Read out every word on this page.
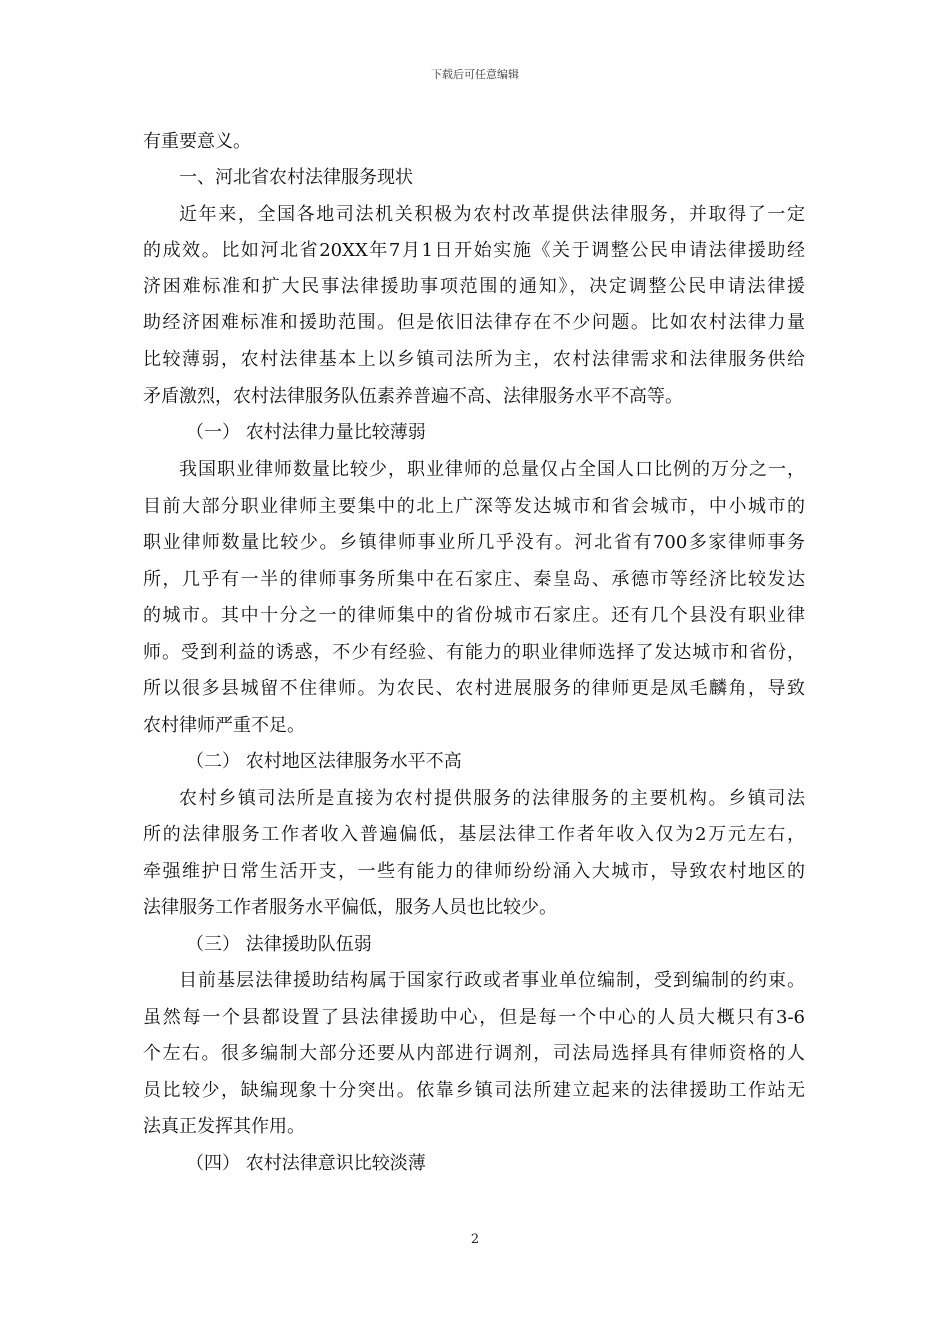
下载后可任意编辑
有重要意义。
一、河北省农村法律服务现状
近年来，全国各地司法机关积极为农村改革提供法律服务，并取得了一定
的成效。比如河北省20XX年7月1日开始实施《关于调整公民申请法律援助经
济困难标准和扩大民事法律援助事项范围的通知》，决定调整公民申请法律援
助经济困难标准和援助范围。但是依旧法律存在不少问题。比如农村法律力量
比较薄弱，农村法律基本上以乡镇司法所为主，农村法律需求和法律服务供给
矛盾激烈，农村法律服务队伍素养普遍不高、法律服务水平不高等。
（一） 农村法律力量比较薄弱
我国职业律师数量比较少，职业律师的总量仅占全国人口比例的万分之一，
目前大部分职业律师主要集中的北上广深等发达城市和省会城市，中小城市的
职业律师数量比较少。乡镇律师事业所几乎没有。河北省有700多家律师事务
所，几乎有一半的律师事务所集中在石家庄、秦皇岛、承德市等经济比较发达
的城市。其中十分之一的律师集中的省份城市石家庄。还有几个县没有职业律
师。受到利益的诱惑，不少有经验、有能力的职业律师选择了发达城市和省份，
所以很多县城留不住律师。为农民、农村进展服务的律师更是凤毛麟角，导致
农村律师严重不足。
（二） 农村地区法律服务水平不高
农村乡镇司法所是直接为农村提供服务的法律服务的主要机构。乡镇司法
所的法律服务工作者收入普遍偏低，基层法律工作者年收入仅为2万元左右，
牵强维护日常生活开支，一些有能力的律师纷纷涌入大城市，导致农村地区的
法律服务工作者服务水平偏低，服务人员也比较少。
（三） 法律援助队伍弱
目前基层法律援助结构属于国家行政或者事业单位编制，受到编制的约束。
虽然每一个县都设置了县法律援助中心，但是每一个中心的人员大概只有3-6
个左右。很多编制大部分还要从内部进行调剂，司法局选择具有律师资格的人
员比较少，缺编现象十分突出。依靠乡镇司法所建立起来的法律援助工作站无
法真正发挥其作用。
（四） 农村法律意识比较淡薄
2
